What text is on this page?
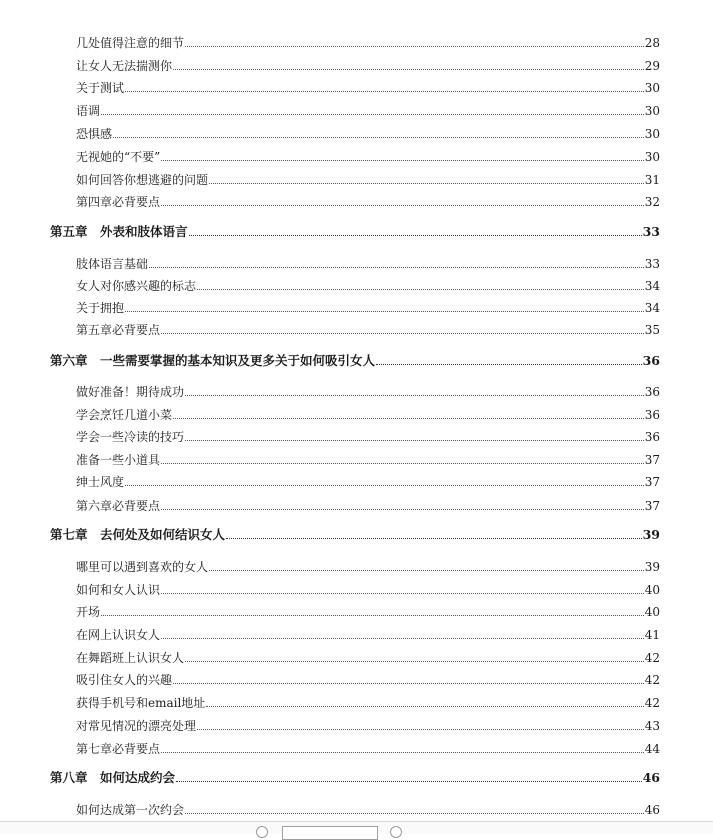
几处值得注意的细节	28
让女人无法揣测你	29
关于测试	30
语调	30
恐惧感	30
无视她的“不要”	30
如何回答你想逃避的问题	31
第四章必背要点	32
第五章　外表和肢体语言	33
肢体语言基础	33
女人对你感兴趣的标志	34
关于拥抱	34
第五章必背要点	35
第六章　一些需要掌握的基本知识及更多关于如何吸引女人	36
做好准备！期待成功	36
学会烹饪几道小菜	36
学会一些冷读的技巧	36
准备一些小道具	37
绅士风度	37
第六章必背要点	37
第七章　去何处及如何结识女人	39
哪里可以遇到喜欢的女人	39
如何和女人认识	40
开场	40
在网上认识女人	41
在舞蹈班上认识女人	42
吸引住女人的兴趣	42
获得手机号和email地址	42
对常见情况的漂亮处理	43
第七章必背要点	44
第八章　如何达成约会	46
如何达成第一次约会	46
